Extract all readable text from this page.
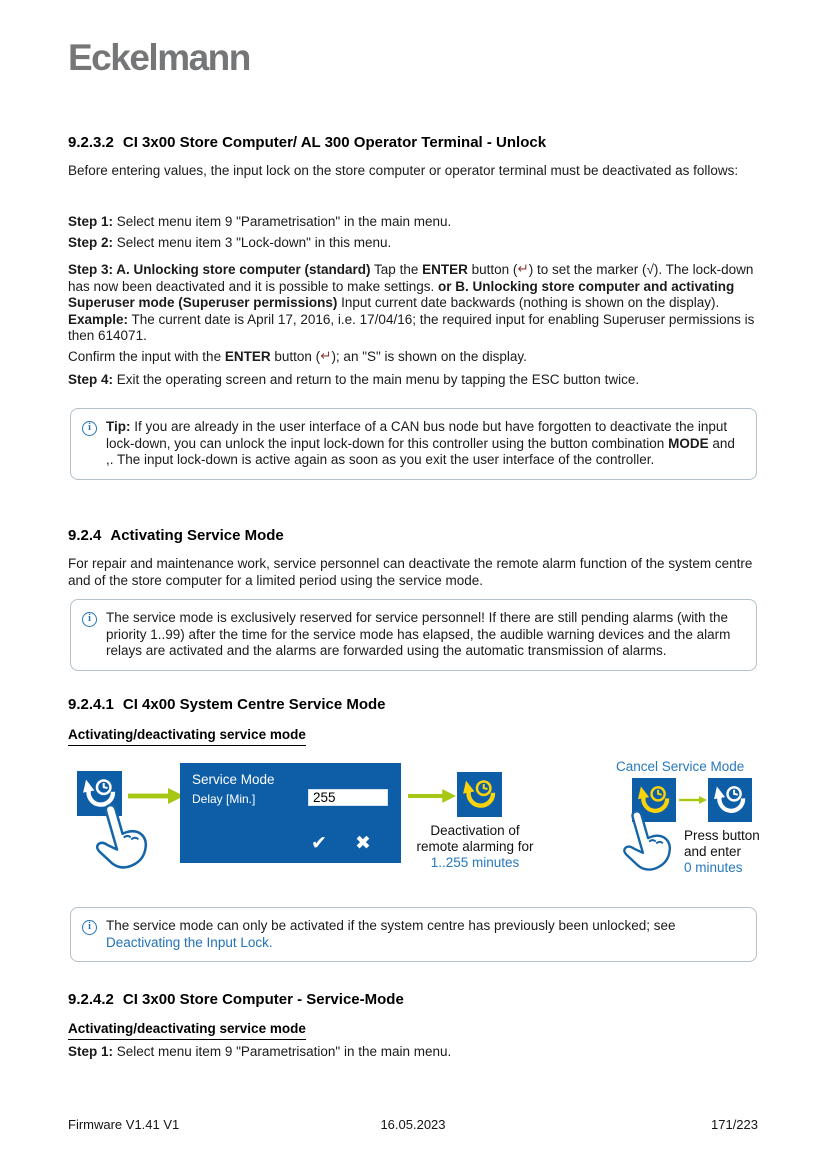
Eckelmann
9.2.3.2 CI 3x00 Store Computer/ AL 300 Operator Terminal - Unlock

Before entering values, the input lock on the store computer or operator terminal must be deactivated as follows:

Step 1: Select menu item 9 "Parametrisation" in the main menu.

Step 2: Select menu item 3 "Lock-down" in this menu.

Step 3: A. Unlocking store computer (standard) Tap the ENTER button (↵) to set the marker (√). The lock-down has now been deactivated and it is possible to make settings. or B. Unlocking store computer and activating Superuser mode (Superuser permissions) Input current date backwards (nothing is shown on the display). Example: The current date is April 17, 2016, i.e. 17/04/16; the required input for enabling Superuser permissions is then 614071.

Confirm the input with the ENTER button (↵); an "S" is shown on the display.

Step 4: Exit the operating screen and return to the main menu by tapping the ESC button twice.

i	Tip: If you are already in the user interface of a CAN bus node but have forgotten to deactivate the input lock-down, you can unlock the input lock-down for this controller using the button combination MODE and ,. The input lock-down is active again as soon as you exit the user interface of the controller.
9.2.4 Activating Service Mode

For repair and maintenance work, service personnel can deactivate the remote alarm function of the system centre and of the store computer for a limited period using the service mode.

i	The service mode is exclusively reserved for service personnel! If there are still pending alarms (with the priority 1..99) after the time for the service mode has elapsed, the audible warning devices and the alarm relays are activated and the alarms are forwarded using the automatic transmission of alarms.
9.2.4.1 CI 4x00 System Centre Service Mode
Activating/deactivating service mode
Service Mode
Delay [Min.]	255
✔ ✖
Deactivation of
remote alarming for
1..255 minutes
Cancel Service Mode
Press button
and enter
0 minutes
i	The service mode can only be activated if the system centre has previously been unlocked; see Deactivating the Input Lock.
9.2.4.2 CI 3x00 Store Computer - Service-Mode
Activating/deactivating service mode

Step 1: Select menu item 9 "Parametrisation" in the main menu.

Firmware V1.41 V1	16.05.2023	171/223
